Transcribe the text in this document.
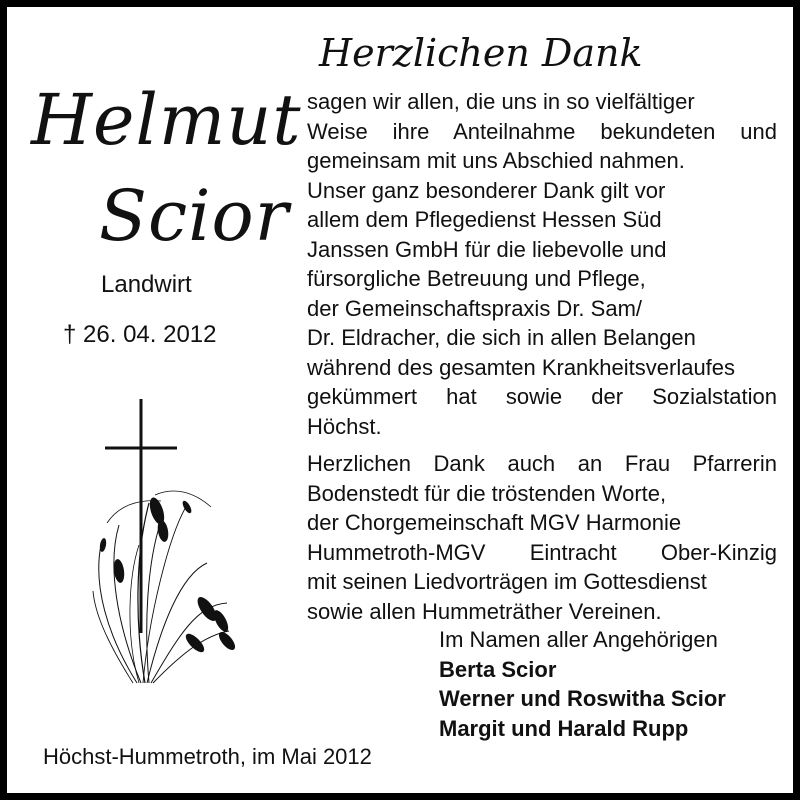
Helmut
Scior
Landwirt
† 26. 04. 2012
Herzlichen Dank
sagen wir allen, die uns in so vielfältiger
Weise ihre Anteilnahme bekundeten und
gemeinsam mit uns Abschied nahmen.
Unser ganz besonderer Dank gilt vor
allem dem Pflegedienst Hessen Süd
Janssen GmbH für die liebevolle und
fürsorgliche Betreuung und Pflege,
der Gemeinschaftspraxis Dr. Sam/
Dr. Eldracher, die sich in allen Belangen
während des gesamten Krankheitsverlaufes
gekümmert hat sowie der Sozialstation
Höchst.
Herzlichen Dank auch an Frau Pfarrerin
Bodenstedt für die tröstenden Worte,
der Chorgemeinschaft MGV Harmonie
Hummetroth-MGV Eintracht Ober-Kinzig
mit seinen Liedvorträgen im Gottesdienst
sowie allen Hummeträther Vereinen.
Im Namen aller Angehörigen
Berta Scior
Werner und Roswitha Scior
Margit und Harald Rupp
Höchst-Hummetroth, im Mai 2012
